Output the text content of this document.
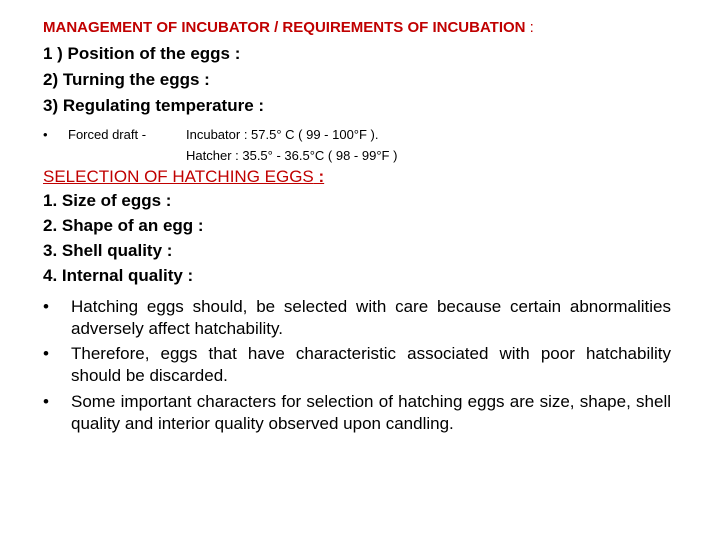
MANAGEMENT OF INCUBATOR / REQUIREMENTS OF INCUBATION :
1 ) Position of the eggs :
2) Turning the eggs :
3) Regulating temperature :
• Forced draft -	Incubator : 57.5° C ( 99 - 100°F ).
Hatcher : 35.5° - 36.5°C ( 98 - 99°F )
SELECTION OF HATCHING EGGS :
1. Size of eggs :
2. Shape of an egg :
3. Shell quality :
4. Internal quality :
• Hatching eggs should, be selected with care because certain abnormalities adversely affect hatchability.
• Therefore, eggs that have characteristic associated with poor hatchability should be discarded.
• Some important characters for selection of hatching eggs are size, shape, shell quality and interior quality observed upon candling.
